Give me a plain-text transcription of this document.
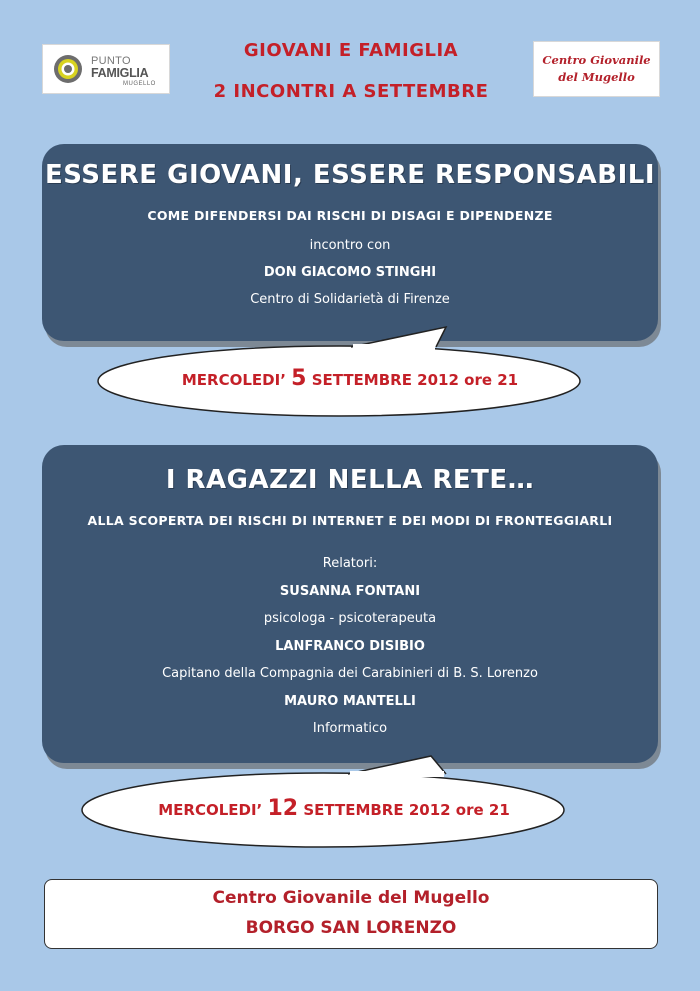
PUNTO
FAMIGLIA
MUGELLO
Centro Giovanile
del Mugello
GIOVANI E FAMIGLIA
2 INCONTRI A SETTEMBRE
ESSERE GIOVANI, ESSERE RESPONSABILI
COME DIFENDERSI DAI RISCHI DI DISAGI E DIPENDENZE
incontro con
DON GIACOMO STINGHI
Centro di Solidarietà di Firenze
MERCOLEDI’ 5 SETTEMBRE 2012 ore 21
I RAGAZZI NELLA RETE…
ALLA SCOPERTA DEI RISCHI DI INTERNET E DEI MODI DI FRONTEGGIARLI
Relatori:
SUSANNA FONTANI
psicologa - psicoterapeuta
LANFRANCO DISIBIO
Capitano della Compagnia dei Carabinieri di B. S. Lorenzo
MAURO MANTELLI
Informatico
MERCOLEDI’ 12 SETTEMBRE 2012 ore 21
Centro Giovanile del Mugello
BORGO SAN LORENZO
